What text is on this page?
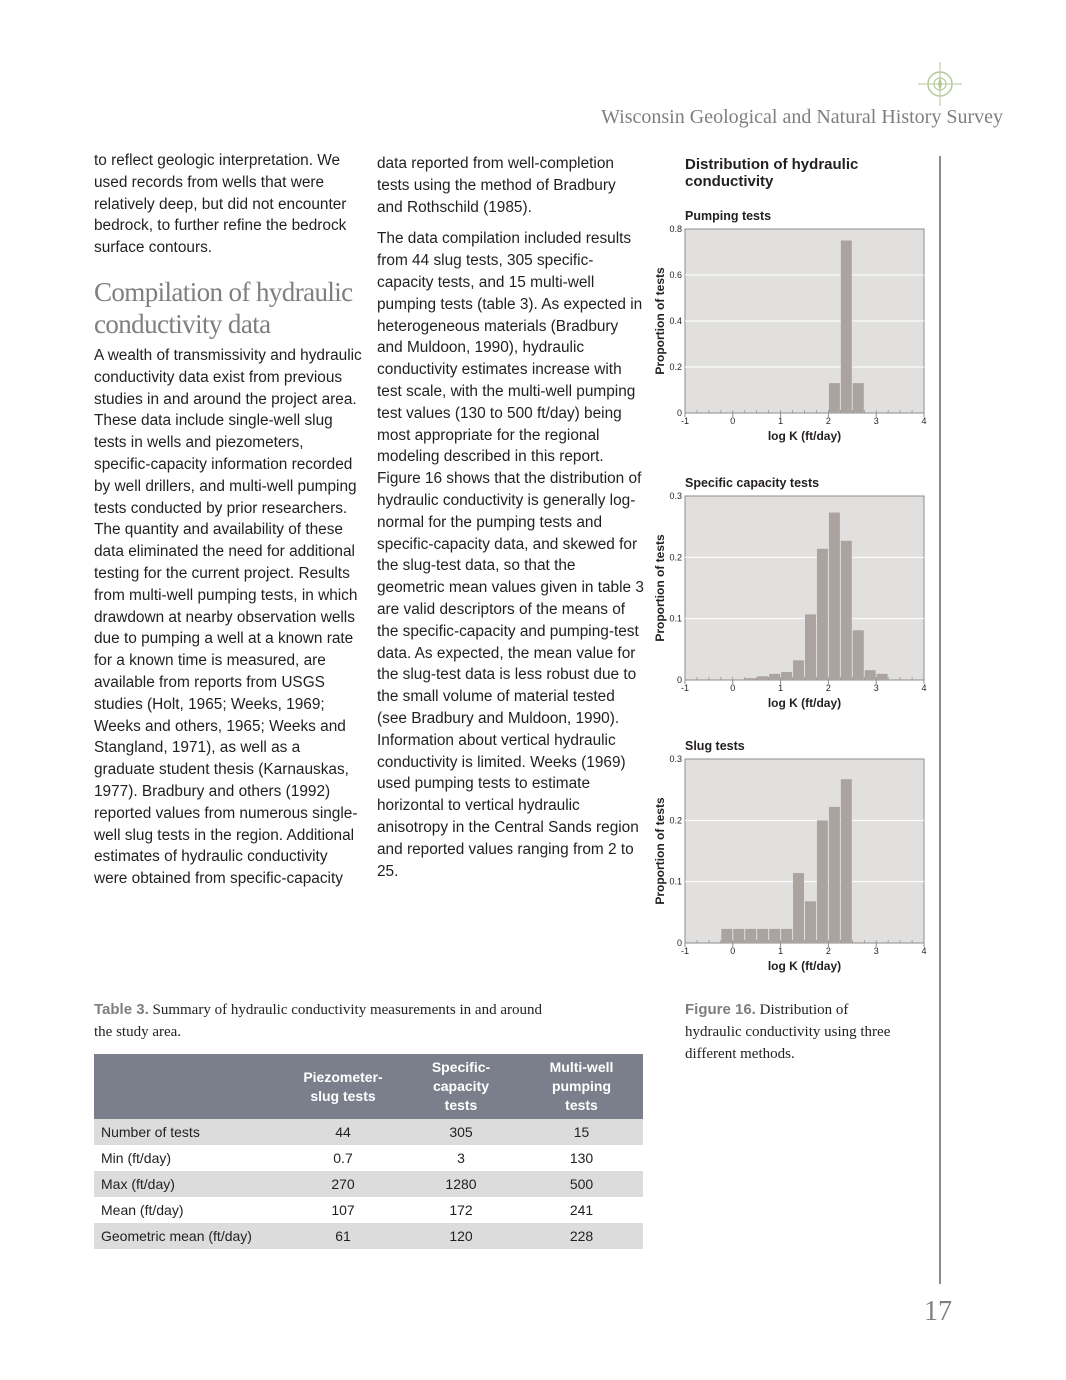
Wisconsin Geological and Natural History Survey
17

to reflect geologic interpretation. We used records from wells that were relatively deep, but did not encounter bedrock, to further refine the bedrock surface contours.

Compilation of hydraulic conductivity data

A wealth of transmissivity and hydraulic conductivity data exist from previous studies in and around the project area. These data include single-well slug tests in wells and piezometers, specific-capacity information recorded by well drillers, and multi-well pumping tests conducted by prior researchers. The quantity and availability of these data eliminated the need for additional testing for the current project. Results from multi-well pumping tests, in which drawdown at nearby observation wells due to pumping a well at a known rate for a known time is measured, are available from reports from USGS studies (Holt, 1965; Weeks, 1969; Weeks and others, 1965; Weeks and Stangland, 1971), as well as a graduate student thesis (Karnauskas, 1977). Bradbury and others (1992) reported values from numerous single-well slug tests in the region. Additional estimates of hydraulic conductivity were obtained from specific-capacity

data reported from well-completion tests using the method of Bradbury and Rothschild (1985).

The data compilation included results from 44 slug tests, 305 specific-capacity tests, and 15 multi-well pumping tests (table 3). As expected in heterogeneous materials (Bradbury and Muldoon, 1990), hydraulic conductivity estimates increase with test scale, with the multi-well pumping test values (130 to 500 ft/day) being most appropriate for the regional modeling described in this report. Figure 16 shows that the distribution of hydraulic conductivity is generally log-normal for the pumping tests and specific-capacity data, and skewed for the slug-test data, so that the geometric mean values given in table 3 are valid descriptors of the means of the specific-capacity and pumping-test data. As expected, the mean value for the slug-test data is less robust due to the small volume of material tested (see Bradbury and Muldoon, 1990). Information about vertical hydraulic conductivity is limited. Weeks (1969) used pumping tests to estimate horizontal to vertical hydraulic anisotropy in the Central Sands region and reported values ranging from 2 to 25.

Distribution of hydraulic conductivity
Pumping tests
0
0.2
0.4
0.6
0.8
-1	0	1	2	3	4
log K (ft/day)
Proportion of tests
Specific capacity tests
0
0.1
0.2
0.3
-1	0	1	2	3	4
log K (ft/day)
Proportion of tests
Slug tests
0
0.1
0.2
0.3
-1	0	1	2	3	4
log K (ft/day)
Proportion of tests
Table 3. Summary of hydraulic conductivity measurements in and around the study area.
Figure 16. Distribution of hydraulic conductivity using three different methods.
	Piezometer-slug tests	Specific-capacity tests	Multi-well pumping tests
Number of tests	44	305	15
Min (ft/day)	0.7	3	130
Max (ft/day)	270	1280	500
Mean (ft/day)	107	172	241
Geometric mean (ft/day)	61	120	228
